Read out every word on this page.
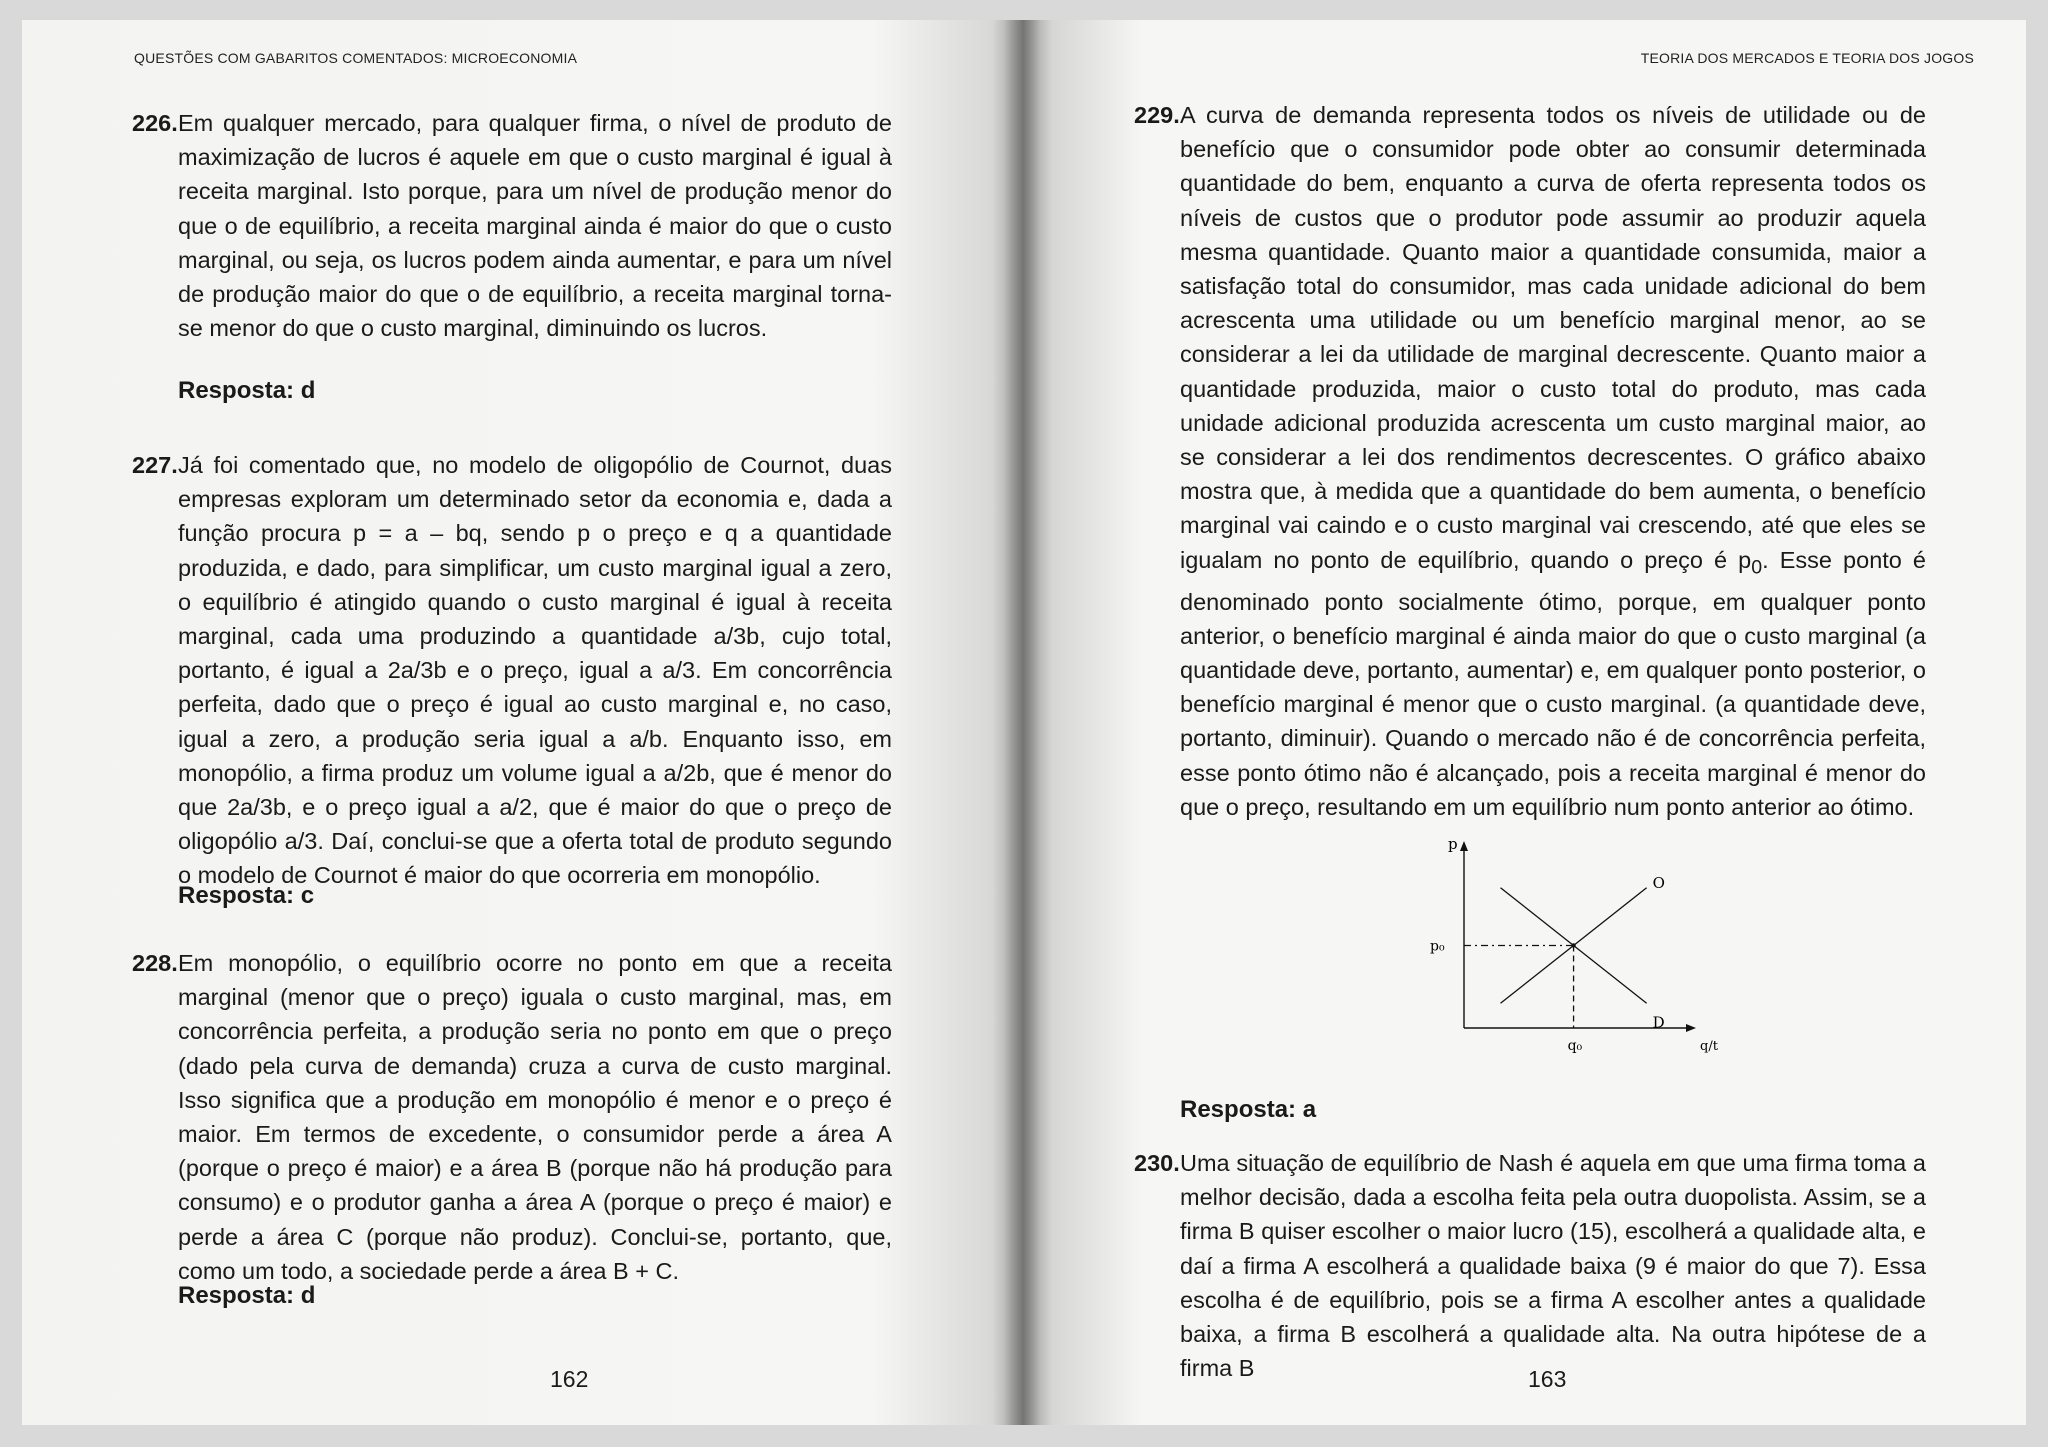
QUESTÕES COM GABARITOS COMENTADOS: MICROECONOMIA
226. Em qualquer mercado, para qualquer firma, o nível de produto de maximização de lucros é aquele em que o custo marginal é igual à receita marginal. Isto porque, para um nível de produção menor do que o de equilíbrio, a receita marginal ainda é maior do que o custo marginal, ou seja, os lucros podem ainda aumentar, e para um nível de produção maior do que o de equilíbrio, a receita marginal torna-se menor do que o custo marginal, diminuindo os lucros.
Resposta: d
227. Já foi comentado que, no modelo de oligopólio de Cournot, duas empresas exploram um determinado setor da economia e, dada a função procura p = a – bq, sendo p o preço e q a quantidade produzida, e dado, para simplificar, um custo marginal igual a zero, o equilíbrio é atingido quando o custo marginal é igual à receita marginal, cada uma produzindo a quantidade a/3b, cujo total, portanto, é igual a 2a/3b e o preço, igual a a/3. Em concorrência perfeita, dado que o preço é igual ao custo marginal e, no caso, igual a zero, a produção seria igual a a/b. Enquanto isso, em monopólio, a firma produz um volume igual a a/2b, que é menor do que 2a/3b, e o preço igual a a/2, que é maior do que o preço de oligopólio a/3. Daí, conclui-se que a oferta total de produto segundo o modelo de Cournot é maior do que ocorreria em monopólio.
Resposta: c
228. Em monopólio, o equilíbrio ocorre no ponto em que a receita marginal (menor que o preço) iguala o custo marginal, mas, em concorrência perfeita, a produção seria no ponto em que o preço (dado pela curva de demanda) cruza a curva de custo marginal. Isso significa que a produção em monopólio é menor e o preço é maior. Em termos de excedente, o consumidor perde a área A (porque o preço é maior) e a área B (porque não há produção para consumo) e o produtor ganha a área A (porque o preço é maior) e perde a área C (porque não produz). Conclui-se, portanto, que, como um todo, a sociedade perde a área B + C.
Resposta: d
162
TEORIA DOS MERCADOS E TEORIA DOS JOGOS
229. A curva de demanda representa todos os níveis de utilidade ou de benefício que o consumidor pode obter ao consumir determinada quantidade do bem, enquanto a curva de oferta representa todos os níveis de custos que o produtor pode assumir ao produzir aquela mesma quantidade. Quanto maior a quantidade consumida, maior a satisfação total do consumidor, mas cada unidade adicional do bem acrescenta uma utilidade ou um benefício marginal menor, ao se considerar a lei da utilidade de marginal decrescente. Quanto maior a quantidade produzida, maior o custo total do produto, mas cada unidade adicional produzida acrescenta um custo marginal maior, ao se considerar a lei dos rendimentos decrescentes. O gráfico abaixo mostra que, à medida que a quantidade do bem aumenta, o benefício marginal vai caindo e o custo marginal vai crescendo, até que eles se igualam no ponto de equilíbrio, quando o preço é $p_0$. Esse ponto é denominado ponto socialmente ótimo, porque, em qualquer ponto anterior, o benefício marginal é ainda maior do que o custo marginal (a quantidade deve, portanto, aumentar) e, em qualquer ponto posterior, o benefício marginal é menor que o custo marginal. (a quantidade deve, portanto, diminuir). Quando o mercado não é de concorrência perfeita, esse ponto ótimo não é alcançado, pois a receita marginal é menor do que o preço, resultando em um equilíbrio num ponto anterior ao ótimo.
p
q/t
O
D
p₀
q₀
Resposta: a
230. Uma situação de equilíbrio de Nash é aquela em que uma firma toma a melhor decisão, dada a escolha feita pela outra duopolista. Assim, se a firma B quiser escolher o maior lucro (15), escolherá a qualidade alta, e daí a firma A escolherá a qualidade baixa (9 é maior do que 7). Essa escolha é de equilíbrio, pois se a firma A escolher antes a qualidade baixa, a firma B escolherá a qualidade alta. Na outra hipótese de a firma B	163
